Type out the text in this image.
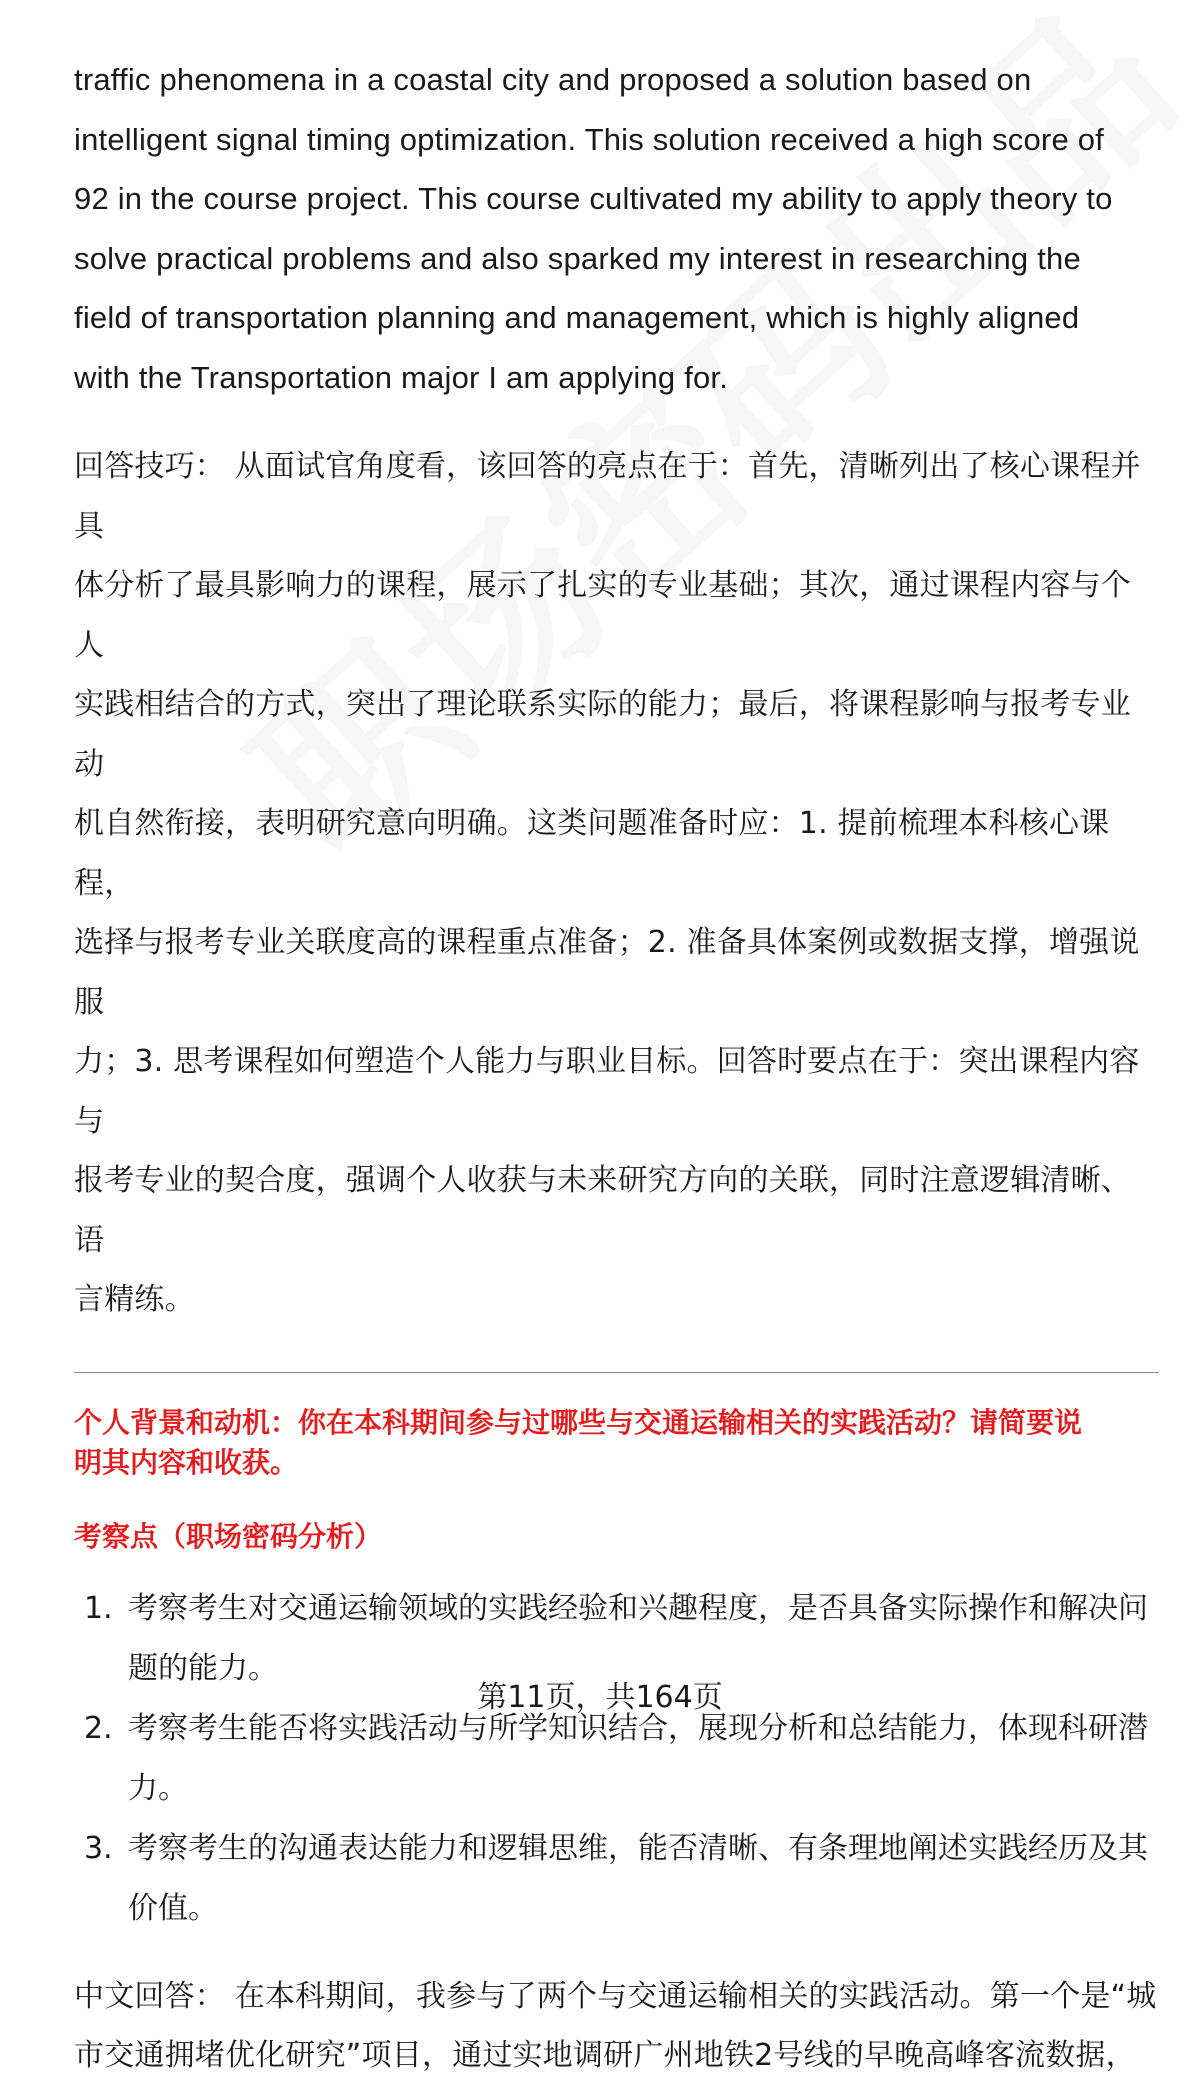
traffic phenomena in a coastal city and proposed a solution based on

intelligent signal timing optimization. This solution received a high score of

92 in the course project. This course cultivated my ability to apply theory to

solve practical problems and also sparked my interest in researching the

field of transportation planning and management, which is highly aligned

with the Transportation major I am applying for.

回答技巧： 从面试官角度看，该回答的亮点在于：首先，清晰列出了核心课程并具

体分析了最具影响力的课程，展示了扎实的专业基础；其次，通过课程内容与个人

实践相结合的方式，突出了理论联系实际的能力；最后，将课程影响与报考专业动

机自然衔接，表明研究意向明确。这类问题准备时应：1. 提前梳理本科核心课程，

选择与报考专业关联度高的课程重点准备；2. 准备具体案例或数据支撑，增强说服

力；3. 思考课程如何塑造个人能力与职业目标。回答时要点在于：突出课程内容与

报考专业的契合度，强调个人收获与未来研究方向的关联，同时注意逻辑清晰、语

言精练。

个人背景和动机：你在本科期间参与过哪些与交通运输相关的实践活动？请简要说
明其内容和收获。
考察点（职场密码分析）
1. 考察考生对交通运输领域的实践经验和兴趣程度，是否具备实际操作和解决问
题的能力。
2. 考察考生能否将实践活动与所学知识结合，展现分析和总结能力，体现科研潜
力。
3. 考察考生的沟通表达能力和逻辑思维，能否清晰、有条理地阐述实践经历及其
价值。

中文回答： 在本科期间，我参与了两个与交通运输相关的实践活动。第一个是“城

市交通拥堵优化研究”项目，通过实地调研广州地铁2号线的早晚高峰客流数据，

第11页，共164页
